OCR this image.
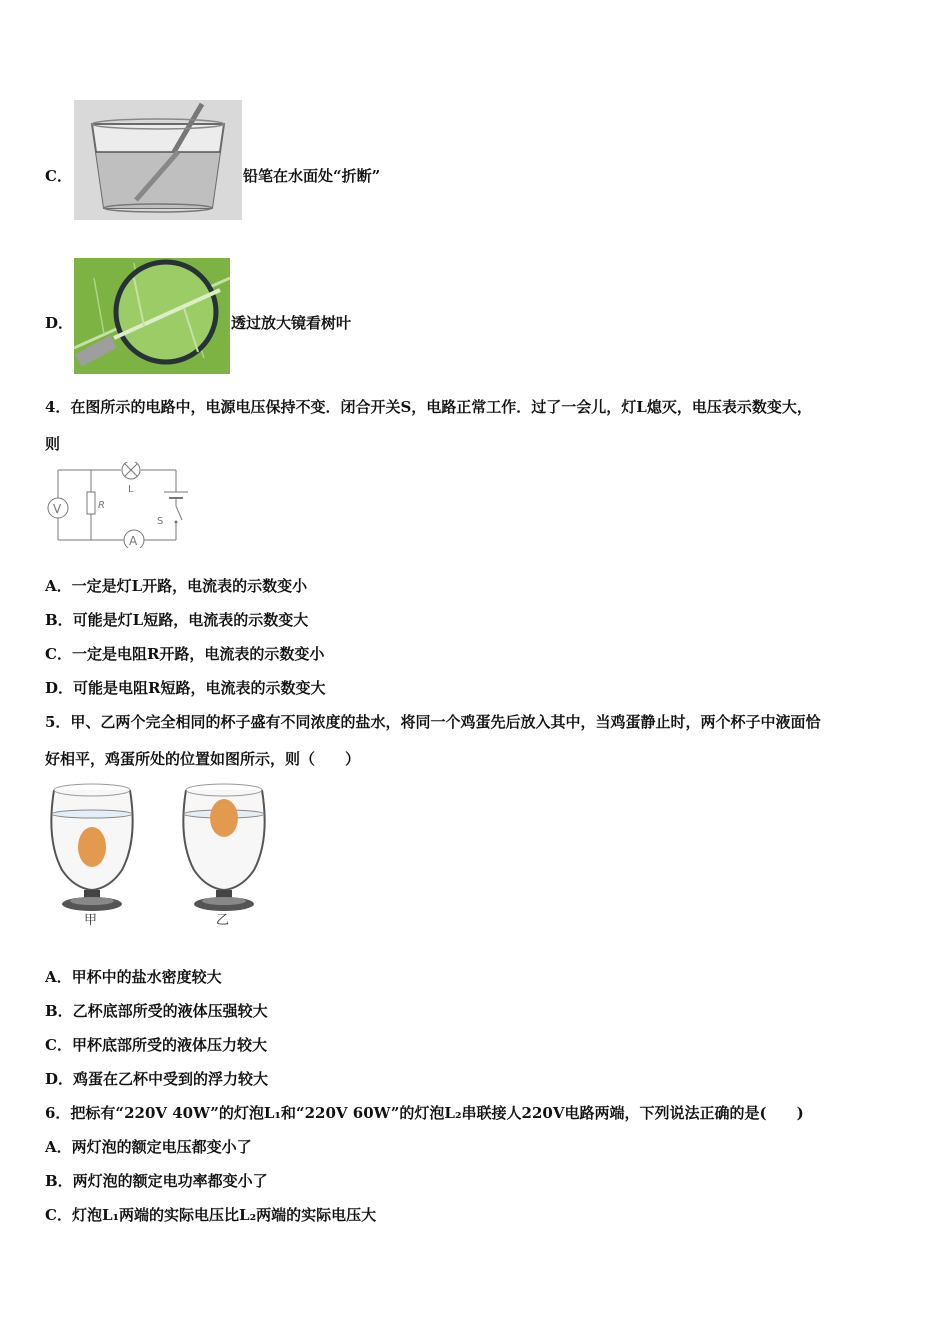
C．	铅笔在水面处“折断”
D．	透过放大镜看树叶
4．在图所示的电路中，电源电压保持不变．闭合开关S，电路正常工作．过了一会儿，灯L熄灭，电压表示数变大，
则
V	R
L
S
A
A．一定是灯L开路，电流表的示数变小
B．可能是灯L短路，电流表的示数变大
C．一定是电阻R开路，电流表的示数变小
D．可能是电阻R短路，电流表的示数变大
5．甲、乙两个完全相同的杯子盛有不同浓度的盐水，将同一个鸡蛋先后放入其中，当鸡蛋静止时，两个杯子中液面恰
好相平，鸡蛋所处的位置如图所示，则（　　）
甲	乙
A．甲杯中的盐水密度较大
B．乙杯底部所受的液体压强较大
C．甲杯底部所受的液体压力较大
D．鸡蛋在乙杯中受到的浮力较大
6．把标有“220V 40W”的灯泡L₁和“220V 60W”的灯泡L₂串联接人220V电路两端，下列说法正确的是(　　)
A．两灯泡的额定电压都变小了
B．两灯泡的额定电功率都变小了
C．灯泡L₁两端的实际电压比L₂两端的实际电压大
